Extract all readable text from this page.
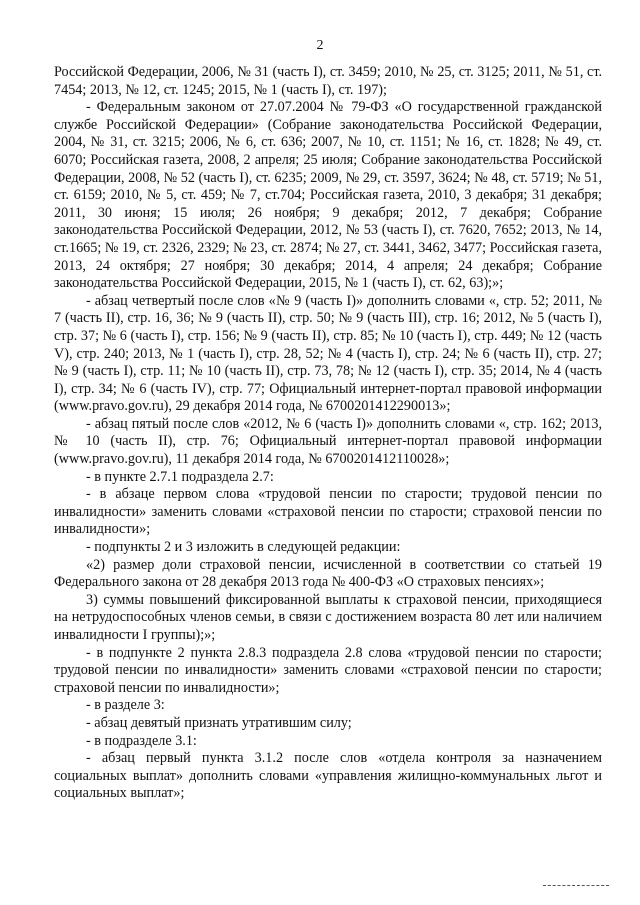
2

Российской Федерации, 2006, № 31 (часть I), ст. 3459; 2010, № 25, ст. 3125; 2011, № 51, ст. 7454; 2013, № 12, ст. 1245; 2015, № 1 (часть I), ст. 197);

- Федеральным законом от 27.07.2004 № 79-ФЗ «О государственной гражданской службе Российской Федерации» (Собрание законодательства Российской Федерации, 2004, № 31, ст. 3215; 2006, № 6, ст. 636; 2007, № 10, ст. 1151; № 16, ст. 1828; № 49, ст. 6070; Российская газета, 2008, 2 апреля; 25 июля; Собрание законодательства Российской Федерации, 2008, № 52 (часть I), ст. 6235; 2009, № 29, ст. 3597, 3624; № 48, ст. 5719; № 51, ст. 6159; 2010, № 5, ст. 459; № 7, ст.704; Российская газета, 2010, 3 декабря; 31 декабря; 2011, 30 июня; 15 июля; 26 ноября; 9 декабря; 2012, 7 декабря; Собрание законодательства Российской Федерации, 2012, № 53 (часть I), ст. 7620, 7652; 2013, № 14, ст.1665; № 19, ст. 2326, 2329; № 23, ст. 2874; № 27, ст. 3441, 3462, 3477; Российская газета, 2013, 24 октября; 27 ноября; 30 декабря; 2014, 4 апреля; 24 декабря; Собрание законодательства Российской Федерации, 2015, № 1 (часть I), ст. 62, 63);»;

- абзац четвертый после слов «№ 9 (часть I)» дополнить словами «, стр. 52; 2011, № 7 (часть II), стр. 16, 36; № 9 (часть II), стр. 50; № 9 (часть III), стр. 16; 2012, № 5 (часть I), стр. 37; № 6 (часть I), стр. 156; № 9 (часть II), стр. 85; № 10 (часть I), стр. 449; № 12 (часть V), стр. 240; 2013, № 1 (часть I), стр. 28, 52; № 4 (часть I), стр. 24; № 6 (часть II), стр. 27; № 9 (часть I), стр. 11; № 10 (часть II), стр. 73, 78; № 12 (часть I), стр. 35; 2014, № 4 (часть I), стр. 34; № 6 (часть IV), стр. 77; Официальный интернет-портал правовой информации (www.pravo.gov.ru), 29 декабря 2014 года, № 6700201412290013»;

- абзац пятый после слов «2012, № 6 (часть I)» дополнить словами «, стр. 162; 2013, № 10 (часть II), стр. 76; Официальный интернет-портал правовой информации (www.pravo.gov.ru), 11 декабря 2014 года, № 6700201412110028»;

- в пункте 2.7.1 подраздела 2.7:

- в абзаце первом слова «трудовой пенсии по старости; трудовой пенсии по инвалидности» заменить словами «страховой пенсии по старости; страховой пенсии по инвалидности»;

- подпункты 2 и 3 изложить в следующей редакции:

«2) размер доли страховой пенсии, исчисленной в соответствии со статьей 19 Федерального закона от 28 декабря 2013 года № 400-ФЗ «О страховых пенсиях»;

3) суммы повышений фиксированной выплаты к страховой пенсии, приходящиеся на нетрудоспособных членов семьи, в связи с достижением возраста 80 лет или наличием инвалидности I группы);»;

- в подпункте 2 пункта 2.8.3 подраздела 2.8 слова «трудовой пенсии по старости; трудовой пенсии по инвалидности» заменить словами «страховой пенсии по старости; страховой пенсии по инвалидности»;

- в разделе 3:

- абзац девятый признать утратившим силу;

- в подразделе 3.1:

- абзац первый пункта 3.1.2 после слов «отдела контроля за назначением социальных выплат» дополнить словами «управления жилищно-коммунальных льгот и социальных выплат»;
